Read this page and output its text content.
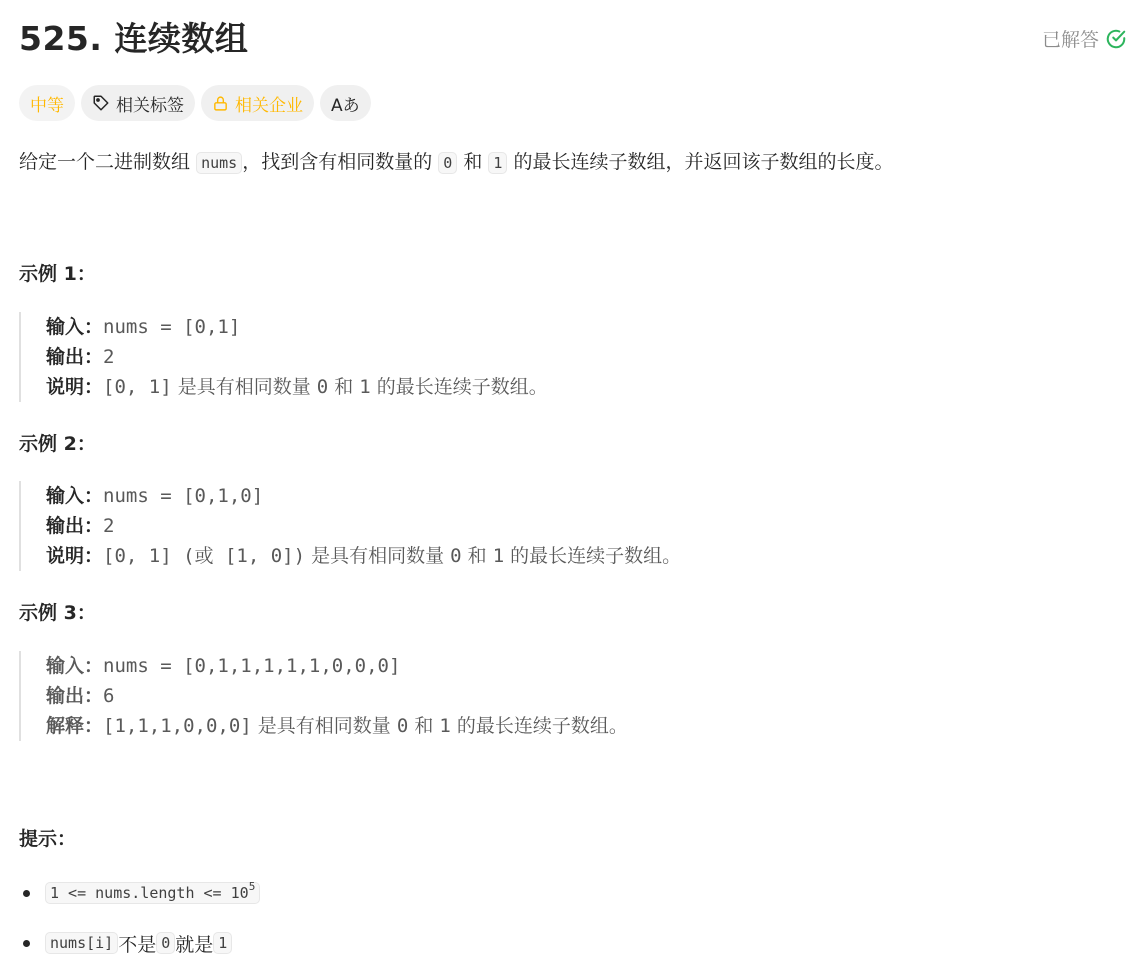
525. 连续数组	已解答
中等	相关标签	相关企业 Aあ
给定一个二进制数组 nums ，找到含有相同数量的 0 和 1 的最长连续子数组，并返回该子数组的长度。
示例 1：
输入：nums = [0,1]
输出：2
说明：[0, 1] 是具有相同数量 0 和 1 的最长连续子数组。
示例 2：
输入：nums = [0,1,0]
输出：2
说明：[0, 1] (或 [1, 0]) 是具有相同数量 0 和 1 的最长连续子数组。
示例 3：
输入：nums = [0,1,1,1,1,1,0,0,0]
输出：6
解释：[1,1,1,0,0,0] 是具有相同数量 0 和 1 的最长连续子数组。
提示：
1 <= nums.length <= $10^5$
nums[i] 不是 0 就是 1
